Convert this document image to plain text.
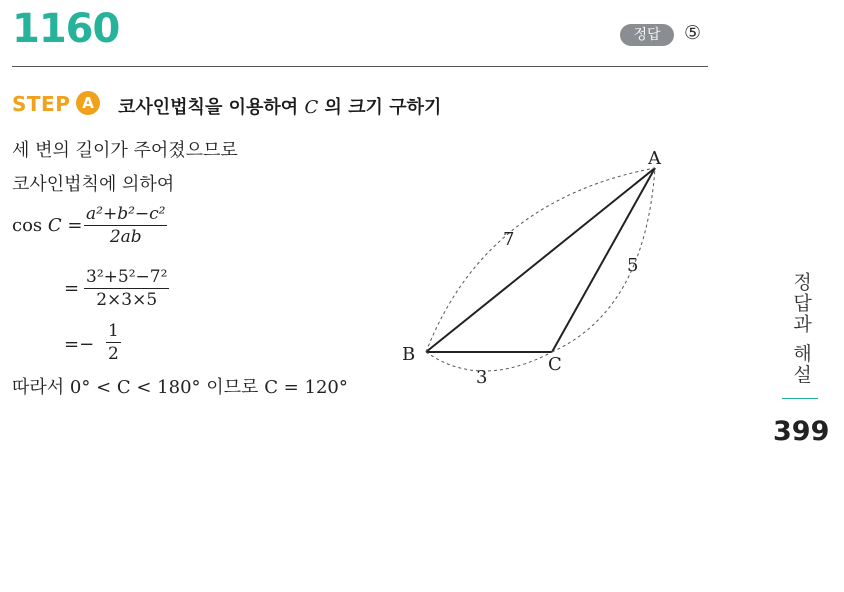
1160	정답	⑤
STEP A	코사인법칙을 이용하여 C 의 크기 구하기
세 변의 길이가 주어졌으므로
코사인법칙에 의하여
$\cos C = \frac{\text{a²+b²−c²}}{2ab}$
= $\frac{\text{3²+5²−7²}}{2\times 3\times 5}$
=− $\frac{1}{2}$
따라서 0° < C < 180° 이므로 C = 120°
A
B	C
7
5
3	정답과 해설
399
